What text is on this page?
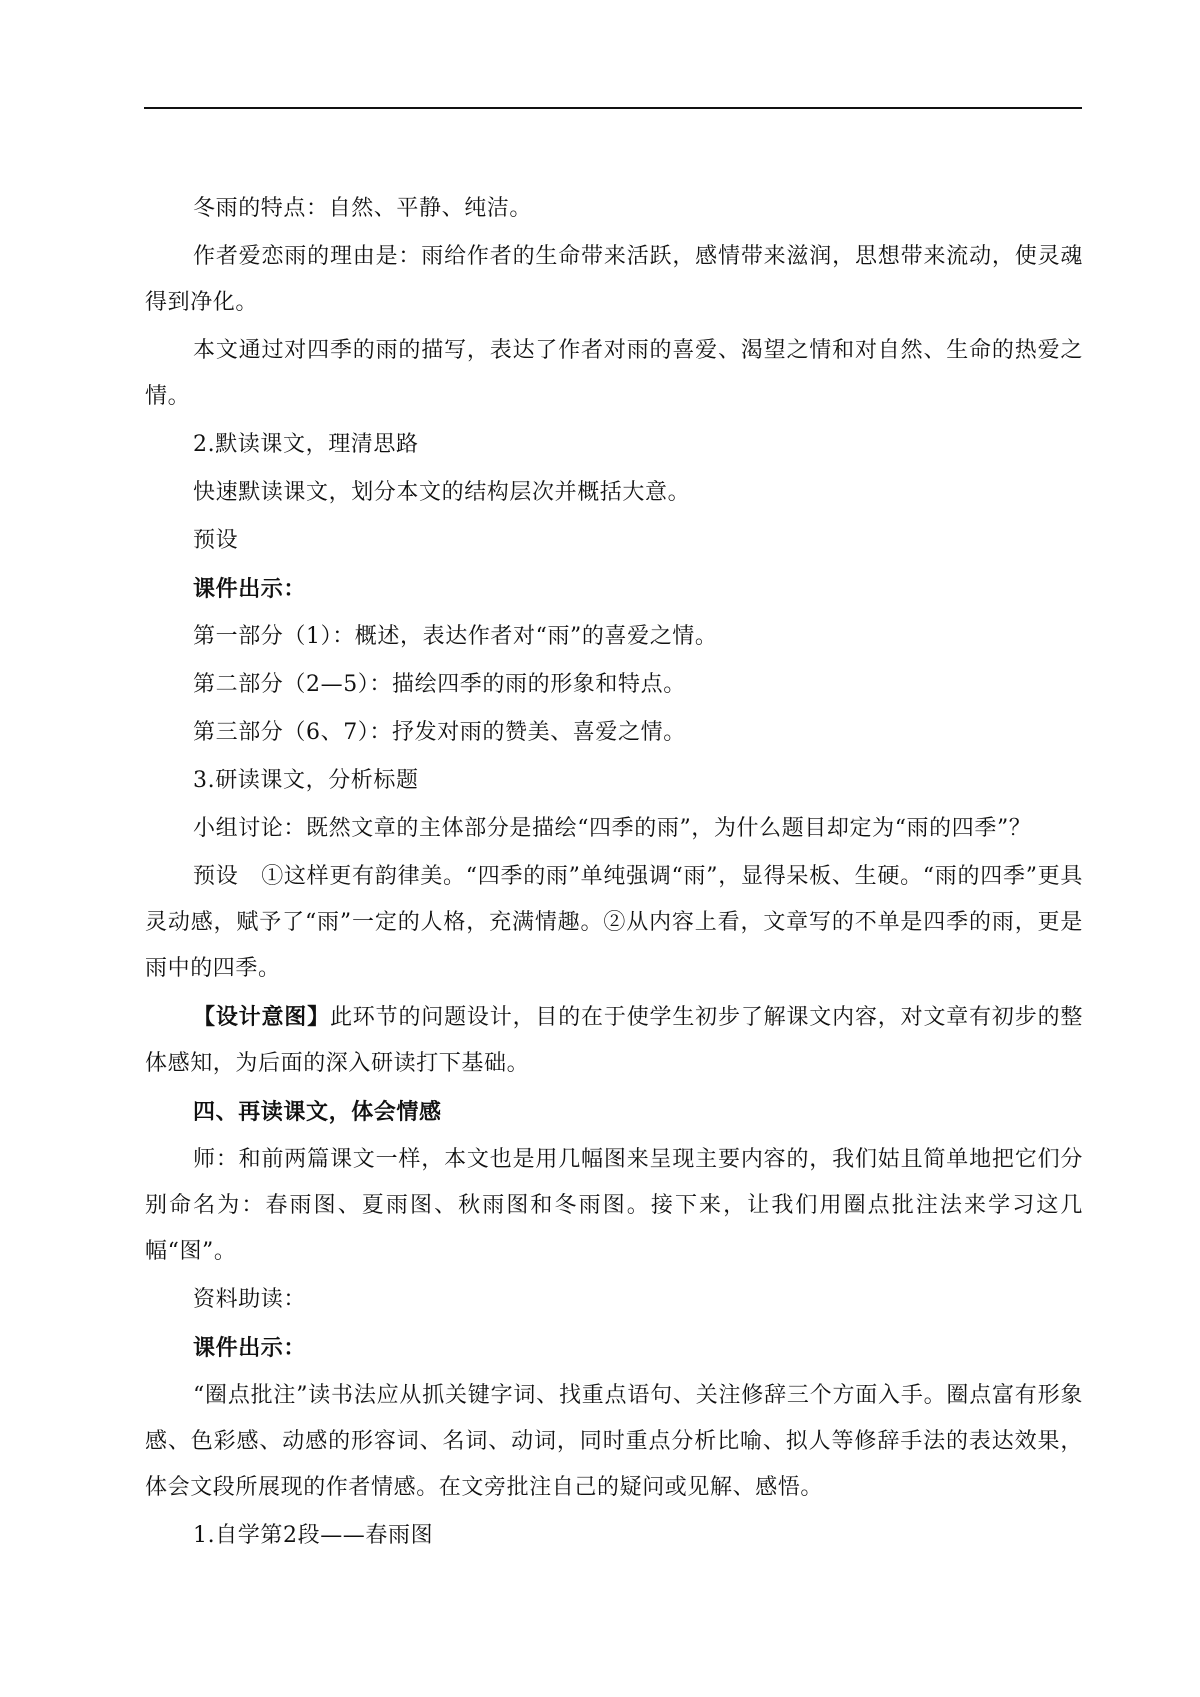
冬雨的特点：自然、平静、纯洁。

作者爱恋雨的理由是：雨给作者的生命带来活跃，感情带来滋润，思想带来流动，使灵魂得到净化。

本文通过对四季的雨的描写，表达了作者对雨的喜爱、渴望之情和对自然、生命的热爱之情。

2.默读课文，理清思路

快速默读课文，划分本文的结构层次并概括大意。

预设

课件出示：

第一部分（1）：概述，表达作者对“雨”的喜爱之情。

第二部分（2—5）：描绘四季的雨的形象和特点。

第三部分（6、7）：抒发对雨的赞美、喜爱之情。

3.研读课文，分析标题

小组讨论：既然文章的主体部分是描绘“四季的雨”，为什么题目却定为“雨的四季”？

预设　①这样更有韵律美。“四季的雨”单纯强调“雨”，显得呆板、生硬。“雨的四季”更具灵动感，赋予了“雨”一定的人格，充满情趣。②从内容上看，文章写的不单是四季的雨，更是雨中的四季。

【设计意图】此环节的问题设计，目的在于使学生初步了解课文内容，对文章有初步的整体感知，为后面的深入研读打下基础。

四、再读课文，体会情感

师：和前两篇课文一样，本文也是用几幅图来呈现主要内容的，我们姑且简单地把它们分别命名为：春雨图、夏雨图、秋雨图和冬雨图。接下来，让我们用圈点批注法来学习这几幅“图”。

资料助读：

课件出示：

“圈点批注”读书法应从抓关键字词、找重点语句、关注修辞三个方面入手。圈点富有形象感、色彩感、动感的形容词、名词、动词，同时重点分析比喻、拟人等修辞手法的表达效果，体会文段所展现的作者情感。在文旁批注自己的疑问或见解、感悟。

1.自学第2段——春雨图
